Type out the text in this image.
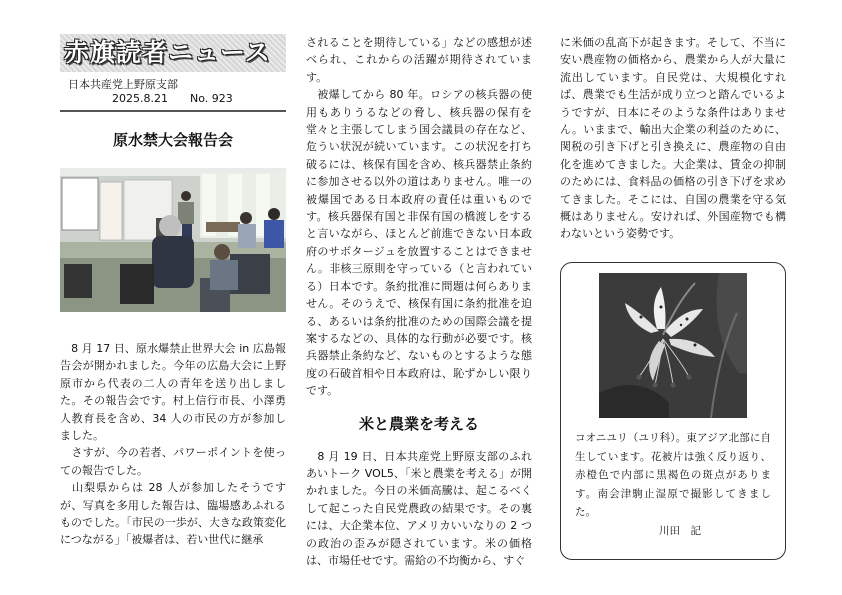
赤旗読者ニュース
日本共産党上野原支部
2025.8.21 No. 923
原水禁大会報告会

　8 月 17 日、原水爆禁止世界大会 in 広島報告会が開かれました。今年の広島大会に上野原市から代表の二人の青年を送り出しました。その報告会です。村上信行市長、小澤勇人教育長を含め、34 人の市民の方が参加しました。

　さすが、今の若者、パワーポイントを使っての報告でした。

　山梨県からは 28 人が参加したそうですが、写真を多用した報告は、臨場感あふれるものでした。「市民の一歩が、大きな政策変化につながる」「被爆者は、若い世代に継承

されることを期待している」などの感想が述べられ、これからの活躍が期待されています。

　被爆してから 80 年。ロシアの核兵器の使用もありうるなどの脅し、核兵器の保有を堂々と主張してしまう国会議員の存在など、危うい状況が続いています。この状況を打ち破るには、核保有国を含め、核兵器禁止条約に参加させる以外の道はありません。唯一の被爆国である日本政府の責任は重いものです。核兵器保有国と非保有国の橋渡しをすると言いながら、ほとんど前進できない日本政府のサボタージュを放置することはできません。非核三原則を守っている（と言われている）日本です。条約批准に問題は何らありません。そのうえで、核保有国に条約批准を迫る、あるいは条約批准のための国際会議を提案するなどの、具体的な行動が必要です。核兵器禁止条約など、ないものとするような態度の石破首相や日本政府は、恥ずかしい限りです。

米と農業を考える

　8 月 19 日、日本共産党上野原支部のふれあいトーク VOL5、「米と農業を考える」が開かれました。今日の米価高騰は、起こるべくして起こった自民党農政の結果です。その裏には、大企業本位、アメリカいいなりの 2 つの政治の歪みが隠されています。米の価格は、市場任せです。需給の不均衡から、すぐ

に米価の乱高下が起きます。そして、不当に安い農産物の価格から、農業から人が大量に流出しています。自民党は、大規模化すれば、農業でも生活が成り立つと踏んでいるようですが、日本にそのような条件はありません。いままで、輸出大企業の利益のために、関税の引き下げと引き換えに、農産物の自由化を進めてきました。大企業は、賃金の抑制のためには、食料品の価格の引き下げを求めてきました。そこには、自国の農業を守る気概はありません。安ければ、外国産物でも構わないという姿勢です。

コオニユリ（ユリ科）。東アジア北部に自生しています。花被片は強く反り返り、赤橙色で内部に黒褐色の斑点があります。南会津駒止湿原で撮影してきました。
川田　記
